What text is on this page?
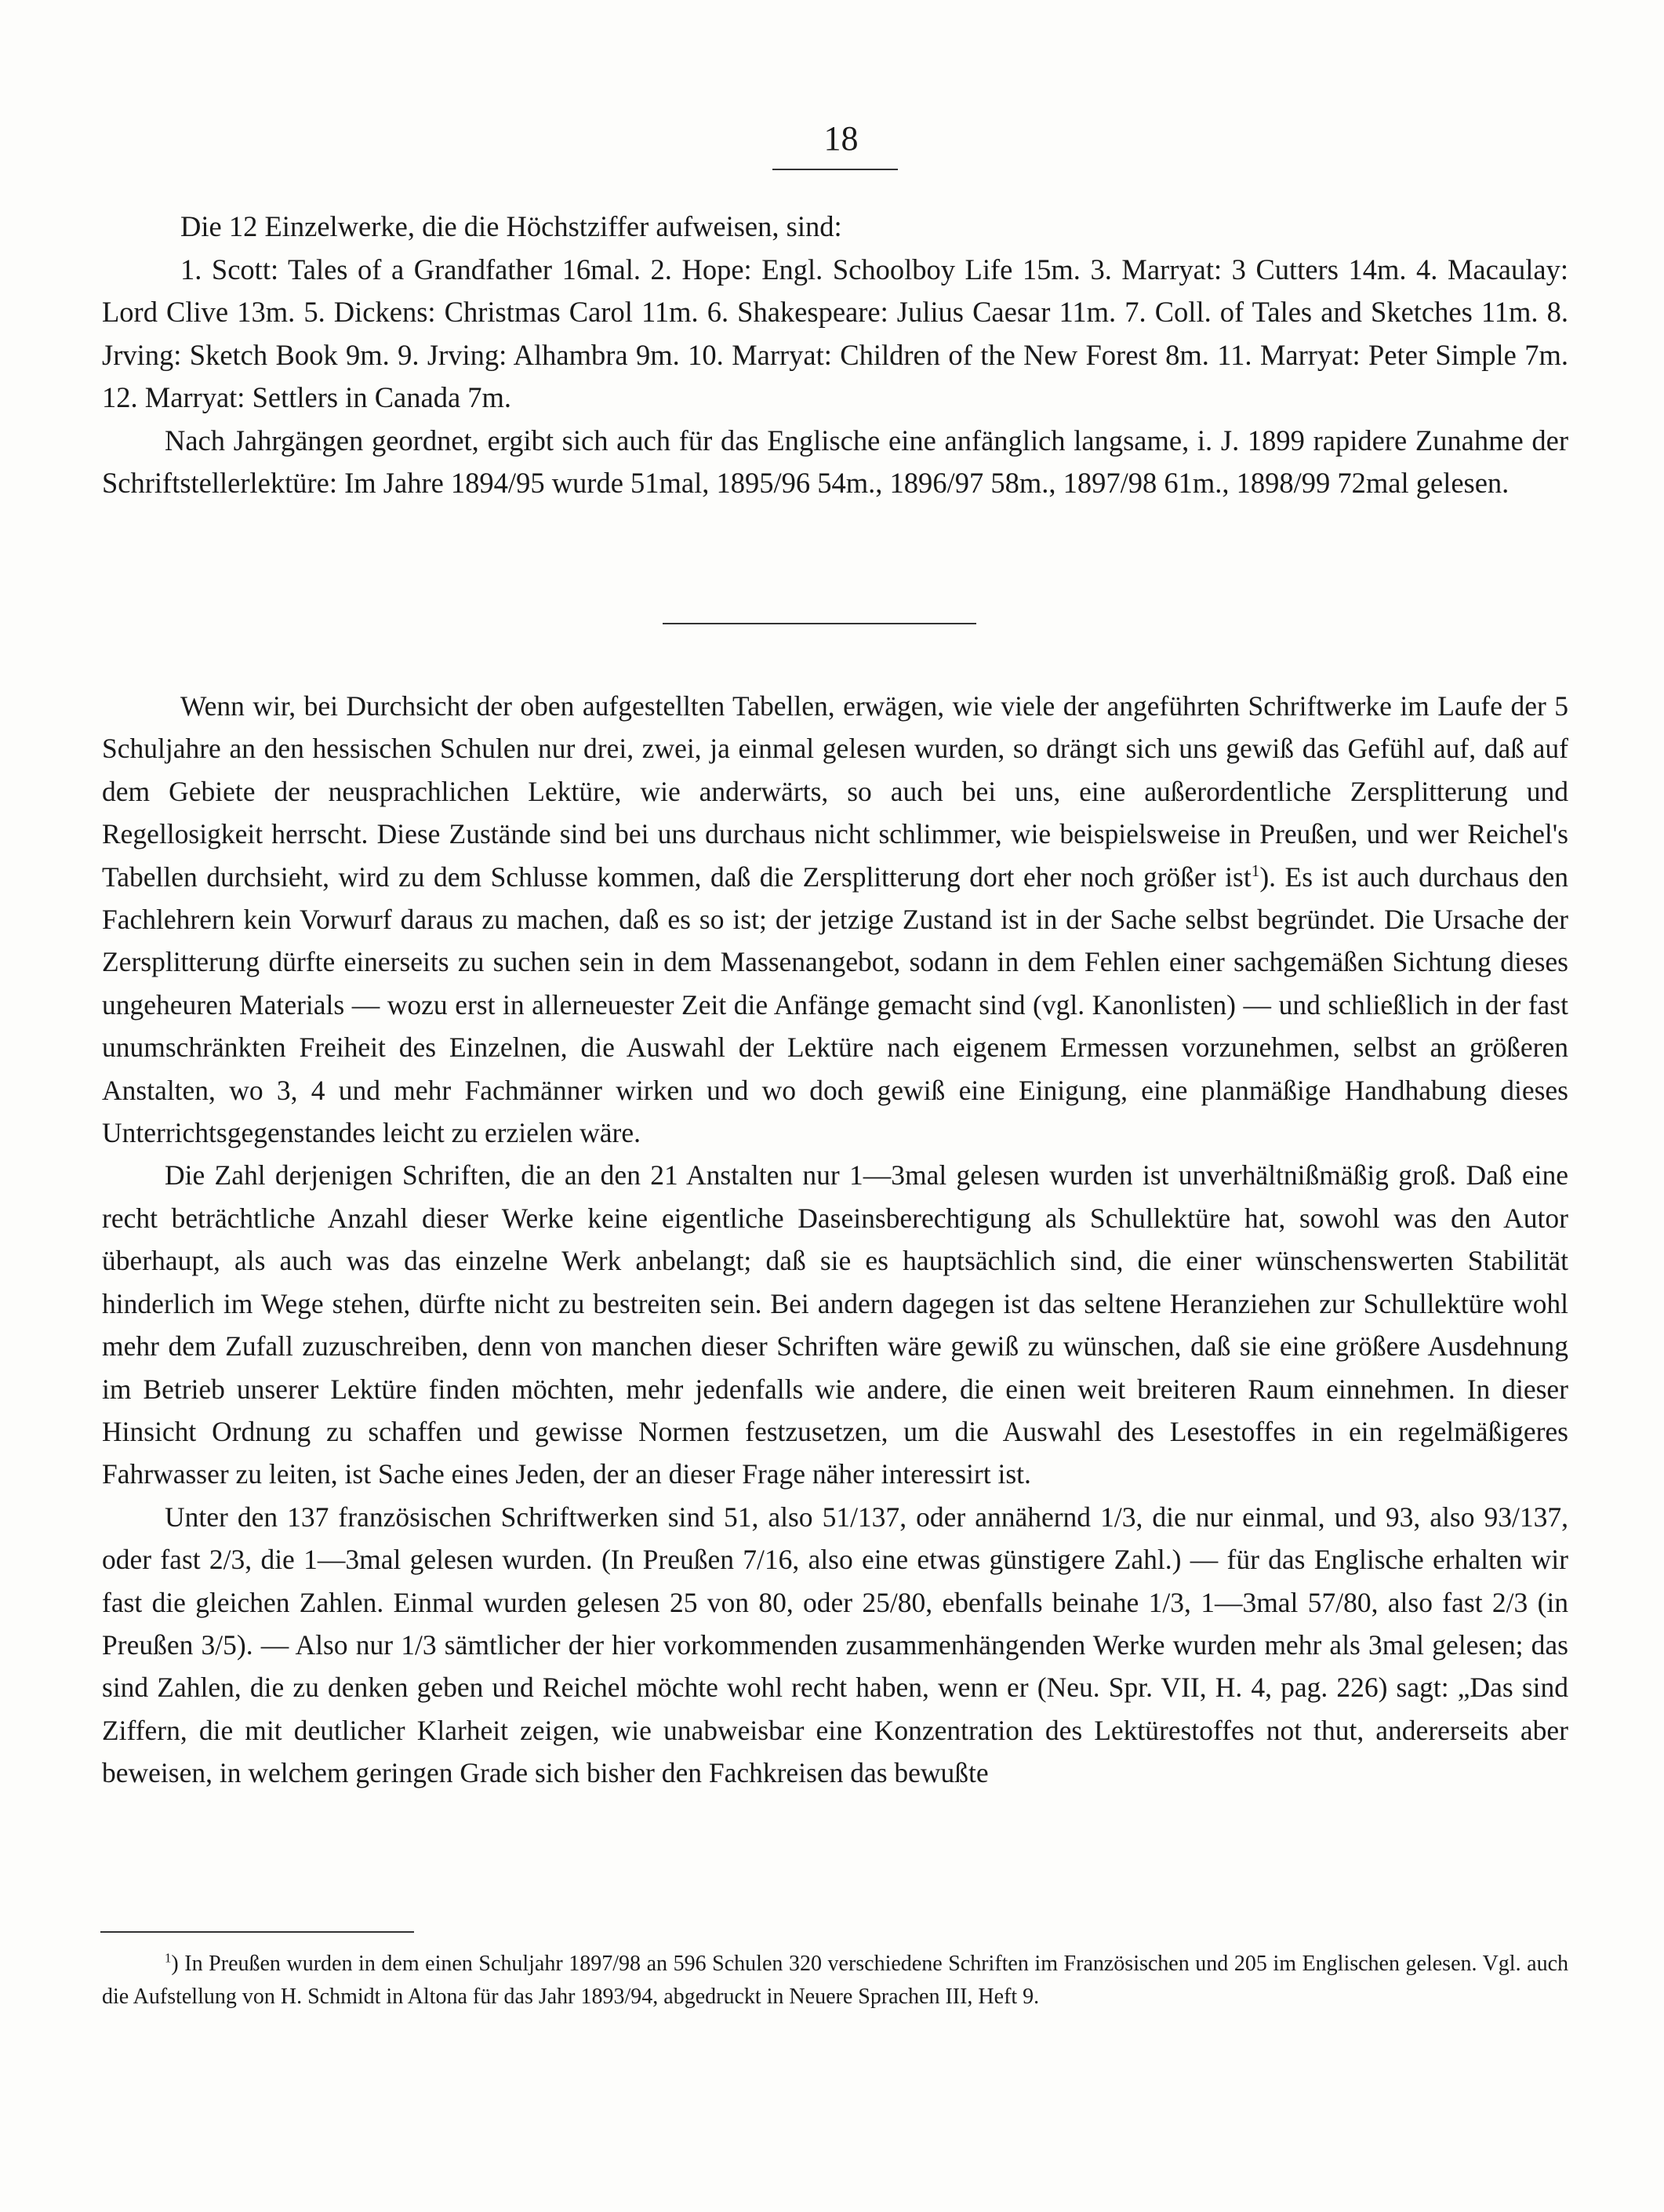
18

Die 12 Einzelwerke, die die Höchstziffer aufweisen, sind:

1. Scott: Tales of a Grandfather 16mal. 2. Hope: Engl. Schoolboy Life 15m. 3. Marryat: 3 Cutters 14m. 4. Macaulay: Lord Clive 13m. 5. Dickens: Christmas Carol 11m. 6. Shakespeare: Julius Caesar 11m. 7. Coll. of Tales and Sketches 11m. 8. Jrving: Sketch Book 9m. 9. Jrving: Alhambra 9m. 10. Marryat: Children of the New Forest 8m. 11. Marryat: Peter Simple 7m. 12. Marryat: Settlers in Canada 7m.

Nach Jahrgängen geordnet, ergibt sich auch für das Englische eine anfänglich langsame, i. J. 1899 rapidere Zunahme der Schriftstellerlektüre: Im Jahre 1894/95 wurde 51mal, 1895/96 54m., 1896/97 58m., 1897/98 61m., 1898/99 72mal gelesen.

Wenn wir, bei Durchsicht der oben aufgestellten Tabellen, erwägen, wie viele der angeführten Schriftwerke im Laufe der 5 Schuljahre an den hessischen Schulen nur drei, zwei, ja einmal gelesen wurden, so drängt sich uns gewiß das Gefühl auf, daß auf dem Gebiete der neusprachlichen Lektüre, wie anderwärts, so auch bei uns, eine außerordentliche Zersplitterung und Regellosigkeit herrscht. Diese Zustände sind bei uns durchaus nicht schlimmer, wie beispielsweise in Preußen, und wer Reichel's Tabellen durchsieht, wird zu dem Schlusse kommen, daß die Zersplitterung dort eher noch größer ist$^1$). Es ist auch durchaus den Fachlehrern kein Vorwurf daraus zu machen, daß es so ist; der jetzige Zustand ist in der Sache selbst begründet. Die Ursache der Zersplitterung dürfte einerseits zu suchen sein in dem Massenangebot, sodann in dem Fehlen einer sachgemäßen Sichtung dieses ungeheuren Materials — wozu erst in allerneuester Zeit die Anfänge gemacht sind (vgl. Kanonlisten) — und schließlich in der fast unumschränkten Freiheit des Einzelnen, die Auswahl der Lektüre nach eigenem Ermessen vorzunehmen, selbst an größeren Anstalten, wo 3, 4 und mehr Fachmänner wirken und wo doch gewiß eine Einigung, eine planmäßige Handhabung dieses Unterrichtsgegenstandes leicht zu erzielen wäre.

Die Zahl derjenigen Schriften, die an den 21 Anstalten nur 1—3mal gelesen wurden ist unverhältnißmäßig groß. Daß eine recht beträchtliche Anzahl dieser Werke keine eigentliche Daseinsberechtigung als Schullektüre hat, sowohl was den Autor überhaupt, als auch was das einzelne Werk anbelangt; daß sie es hauptsächlich sind, die einer wünschenswerten Stabilität hinderlich im Wege stehen, dürfte nicht zu bestreiten sein. Bei andern dagegen ist das seltene Heranziehen zur Schullektüre wohl mehr dem Zufall zuzuschreiben, denn von manchen dieser Schriften wäre gewiß zu wünschen, daß sie eine größere Ausdehnung im Betrieb unserer Lektüre finden möchten, mehr jedenfalls wie andere, die einen weit breiteren Raum einnehmen. In dieser Hinsicht Ordnung zu schaffen und gewisse Normen festzusetzen, um die Auswahl des Lesestoffes in ein regelmäßigeres Fahrwasser zu leiten, ist Sache eines Jeden, der an dieser Frage näher interessirt ist.

Unter den 137 französischen Schriftwerken sind 51, also 51/137, oder annähernd 1/3, die nur einmal, und 93, also 93/137, oder fast 2/3, die 1—3mal gelesen wurden. (In Preußen 7/16, also eine etwas günstigere Zahl.) — für das Englische erhalten wir fast die gleichen Zahlen. Einmal wurden gelesen 25 von 80, oder 25/80, ebenfalls beinahe 1/3, 1—3mal 57/80, also fast 2/3 (in Preußen 3/5). — Also nur 1/3 sämtlicher der hier vorkommenden zusammenhängenden Werke wurden mehr als 3mal gelesen; das sind Zahlen, die zu denken geben und Reichel möchte wohl recht haben, wenn er (Neu. Spr. VII, H. 4, pag. 226) sagt: „Das sind Ziffern, die mit deutlicher Klarheit zeigen, wie unabweisbar eine Konzentration des Lektürestoffes not thut, andererseits aber beweisen, in welchem geringen Grade sich bisher den Fachkreisen das bewußte

$^1$) In Preußen wurden in dem einen Schuljahr 1897/98 an 596 Schulen 320 verschiedene Schriften im Französischen und 205 im Englischen gelesen. Vgl. auch die Aufstellung von H. Schmidt in Altona für das Jahr 1893/94, abgedruckt in Neuere Sprachen III, Heft 9.
